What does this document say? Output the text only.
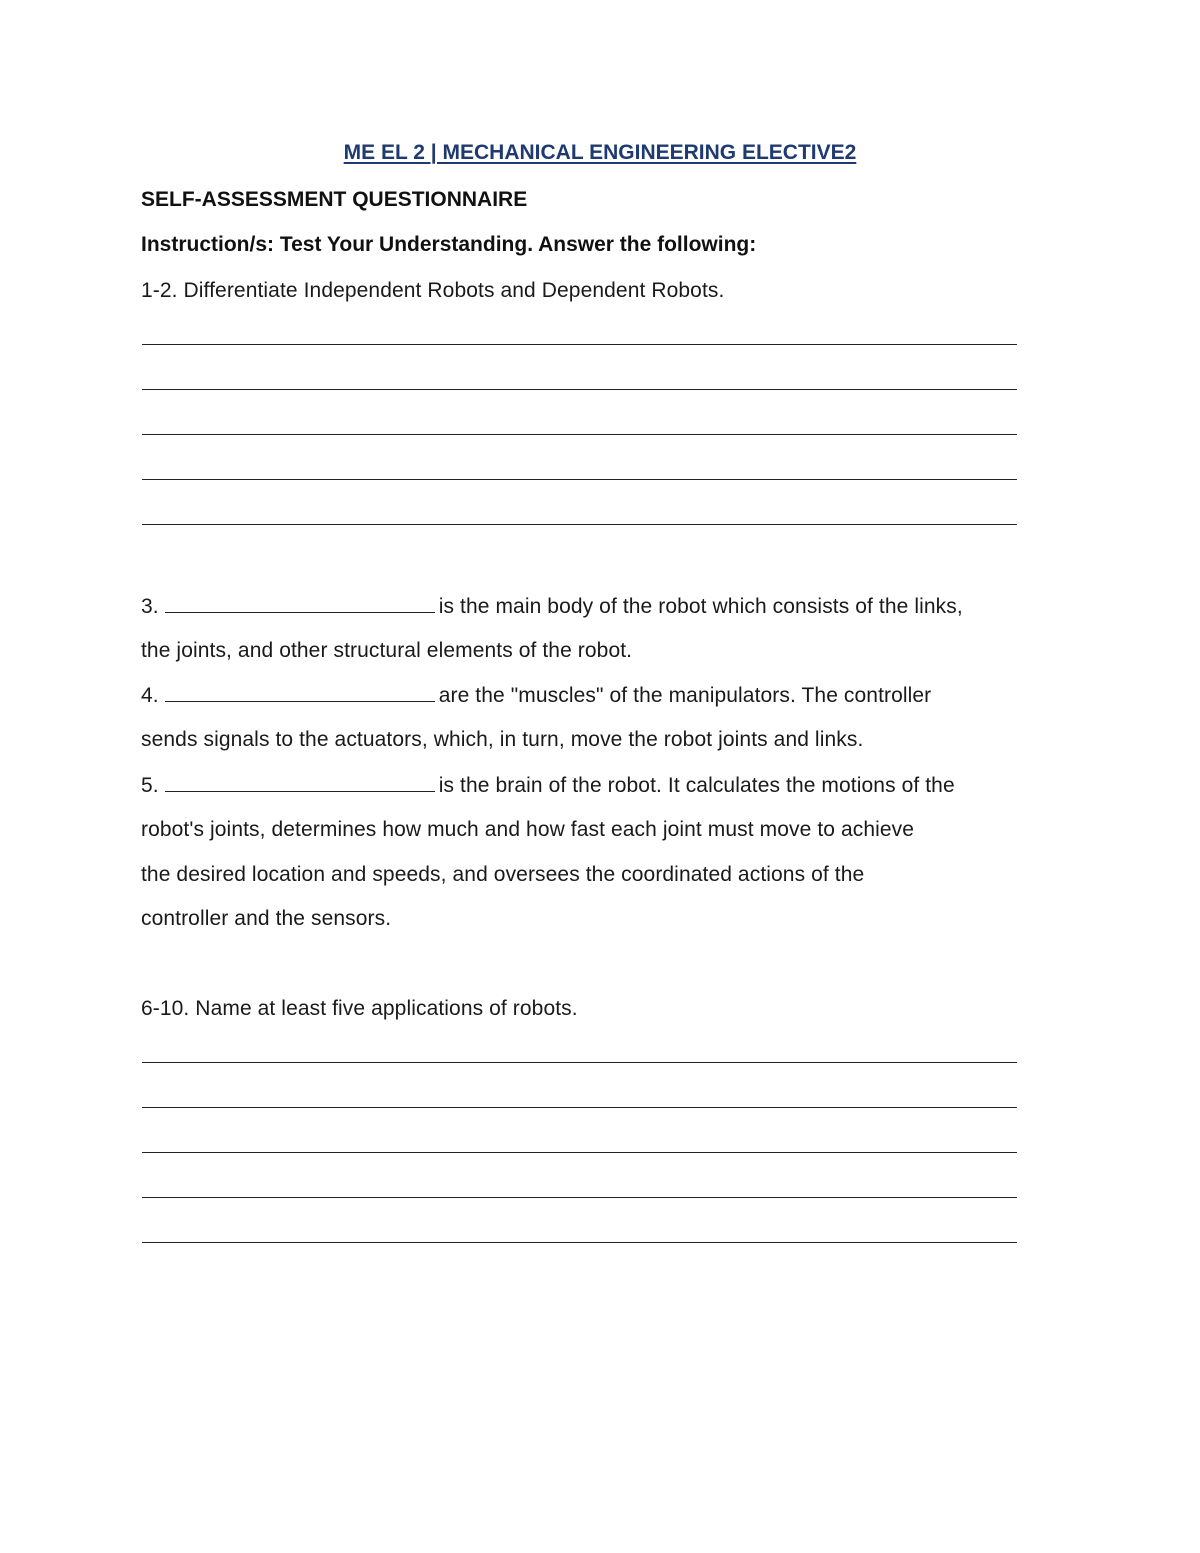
ME EL 2 | MECHANICAL ENGINEERING ELECTIVE2

SELF-ASSESSMENT QUESTIONNAIRE

Instruction/s: Test Your Understanding. Answer the following:

1-2. Differentiate Independent Robots and Dependent Robots.

3.	is the main body of the robot which consists of the links,

the joints, and other structural elements of the robot.

4.	are the "muscles" of the manipulators. The controller

sends signals to the actuators, which, in turn, move the robot joints and links.

5.	is the brain of the robot. It calculates the motions of the

robot's joints, determines how much and how fast each joint must move to achieve

the desired location and speeds, and oversees the coordinated actions of the

controller and the sensors.

6-10. Name at least five applications of robots.
